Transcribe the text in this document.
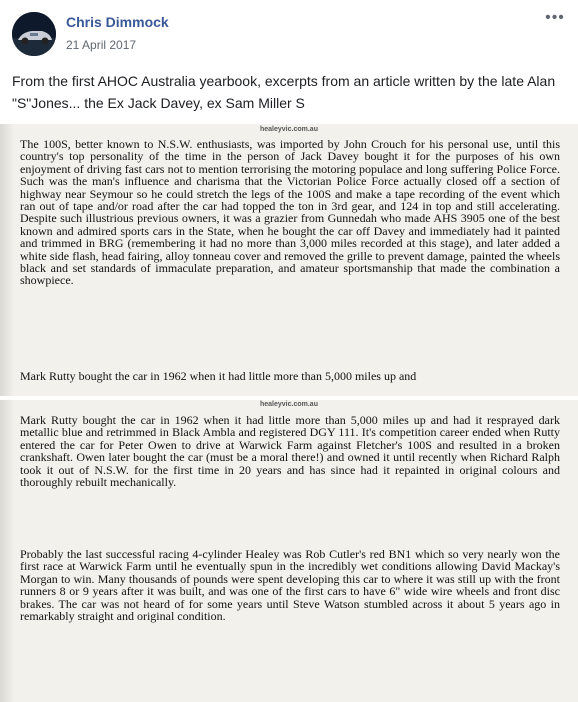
Chris Dimmock
21 April 2017
•••
From the first AHOC Australia yearbook, excerpts from an article written by the late Alan "S"Jones... the Ex Jack Davey, ex Sam Miller S
healeyvic.com.au
The 100S, better known to N.S.W. enthusiasts, was imported by John Crouch for his personal use, until this country's top personality of the time in the person of Jack Davey bought it for the purposes of his own enjoyment of driving fast cars not to mention terrorising the motoring populace and long suffering Police Force. Such was the man's influence and charisma that the Victorian Police Force actually closed off a section of highway near Seymour so he could stretch the legs of the 100S and make a tape recording of the event which ran out of tape and/or road after the car had topped the ton in 3rd gear, and 124 in top and still accelerating. Despite such illustrious previous owners, it was a grazier from Gunnedah who made AHS 3905 one of the best known and admired sports cars in the State, when he bought the car off Davey and immediately had it painted and trimmed in BRG (remembering it had no more than 3,000 miles recorded at this stage), and later added a white side flash, head fairing, alloy tonneau cover and removed the grille to prevent damage, painted the wheels black and set standards of immaculate preparation, and amateur sportsmanship that made the combination a showpiece.
Mark Rutty bought the car in 1962 when it had little more than 5,000 miles up and
healeyvic.com.au
Mark Rutty bought the car in 1962 when it had little more than 5,000 miles up and had it resprayed dark metallic blue and retrimmed in Black Ambla and registered DGY 111. It's competition career ended when Rutty entered the car for Peter Owen to drive at Warwick Farm against Fletcher's 100S and resulted in a broken crankshaft. Owen later bought the car (must be a moral there!) and owned it until recently when Richard Ralph took it out of N.S.W. for the first time in 20 years and has since had it repainted in original colours and thoroughly rebuilt mechanically.
Probably the last successful racing 4-cylinder Healey was Rob Cutler's red BN1 which so very nearly won the first race at Warwick Farm until he eventually spun in the incredibly wet conditions allowing David Mackay's Morgan to win. Many thousands of pounds were spent developing this car to where it was still up with the front runners 8 or 9 years after it was built, and was one of the first cars to have 6" wide wire wheels and front disc brakes. The car was not heard of for some years until Steve Watson stumbled across it about 5 years ago in remarkably straight and original condition.
